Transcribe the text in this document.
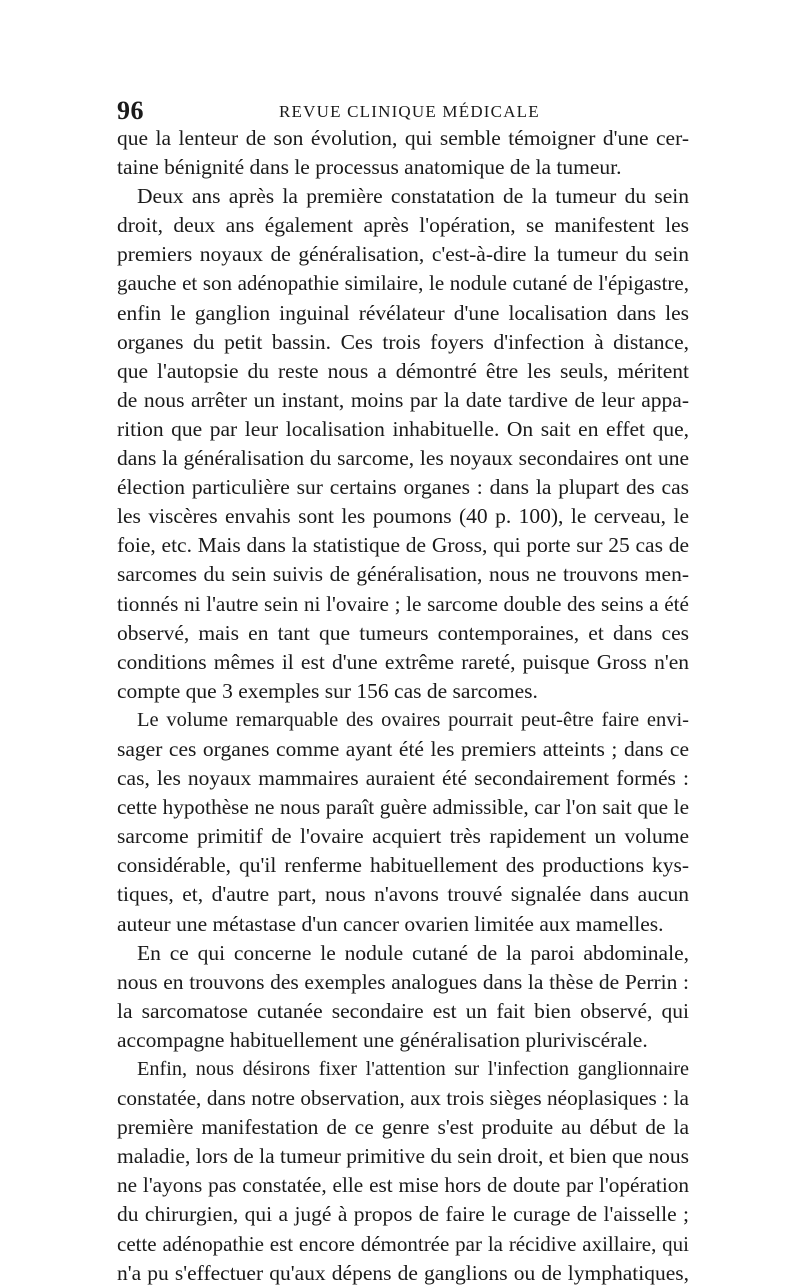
96	REVUE CLINIQUE MÉDICALE
que la lenteur de son évolution, qui semble témoigner d'une cer-
taine bénignité dans le processus anatomique de la tumeur.
Deux ans après la première constatation de la tumeur du sein
droit, deux ans également après l'opération, se manifestent les
premiers noyaux de généralisation, c'est-à-dire la tumeur du sein
gauche et son adénopathie similaire, le nodule cutané de l'épigastre,
enfin le ganglion inguinal révélateur d'une localisation dans les
organes du petit bassin. Ces trois foyers d'infection à distance,
que l'autopsie du reste nous a démontré être les seuls, méritent
de nous arrêter un instant, moins par la date tardive de leur appa-
rition que par leur localisation inhabituelle. On sait en effet que,
dans la généralisation du sarcome, les noyaux secondaires ont une
élection particulière sur certains organes : dans la plupart des cas
les viscères envahis sont les poumons (40 p. 100), le cerveau, le
foie, etc. Mais dans la statistique de Gross, qui porte sur 25 cas de
sarcomes du sein suivis de généralisation, nous ne trouvons men-
tionnés ni l'autre sein ni l'ovaire ; le sarcome double des seins a été
observé, mais en tant que tumeurs contemporaines, et dans ces
conditions mêmes il est d'une extrême rareté, puisque Gross n'en
compte que 3 exemples sur 156 cas de sarcomes.
Le volume remarquable des ovaires pourrait peut-être faire envi-
sager ces organes comme ayant été les premiers atteints ; dans ce
cas, les noyaux mammaires auraient été secondairement formés :
cette hypothèse ne nous paraît guère admissible, car l'on sait que le
sarcome primitif de l'ovaire acquiert très rapidement un volume
considérable, qu'il renferme habituellement des productions kys-
tiques, et, d'autre part, nous n'avons trouvé signalée dans aucun
auteur une métastase d'un cancer ovarien limitée aux mamelles.
En ce qui concerne le nodule cutané de la paroi abdominale,
nous en trouvons des exemples analogues dans la thèse de Perrin :
la sarcomatose cutanée secondaire est un fait bien observé, qui
accompagne habituellement une généralisation pluriviscérale.
Enfin, nous désirons fixer l'attention sur l'infection ganglionnaire
constatée, dans notre observation, aux trois sièges néoplasiques : la
première manifestation de ce genre s'est produite au début de la
maladie, lors de la tumeur primitive du sein droit, et bien que nous
ne l'ayons pas constatée, elle est mise hors de doute par l'opération
du chirurgien, qui a jugé à propos de faire le curage de l'aisselle ;
cette adénopathie est encore démontrée par la récidive axillaire, qui
n'a pu s'effectuer qu'aux dépens de ganglions ou de lymphatiques,
